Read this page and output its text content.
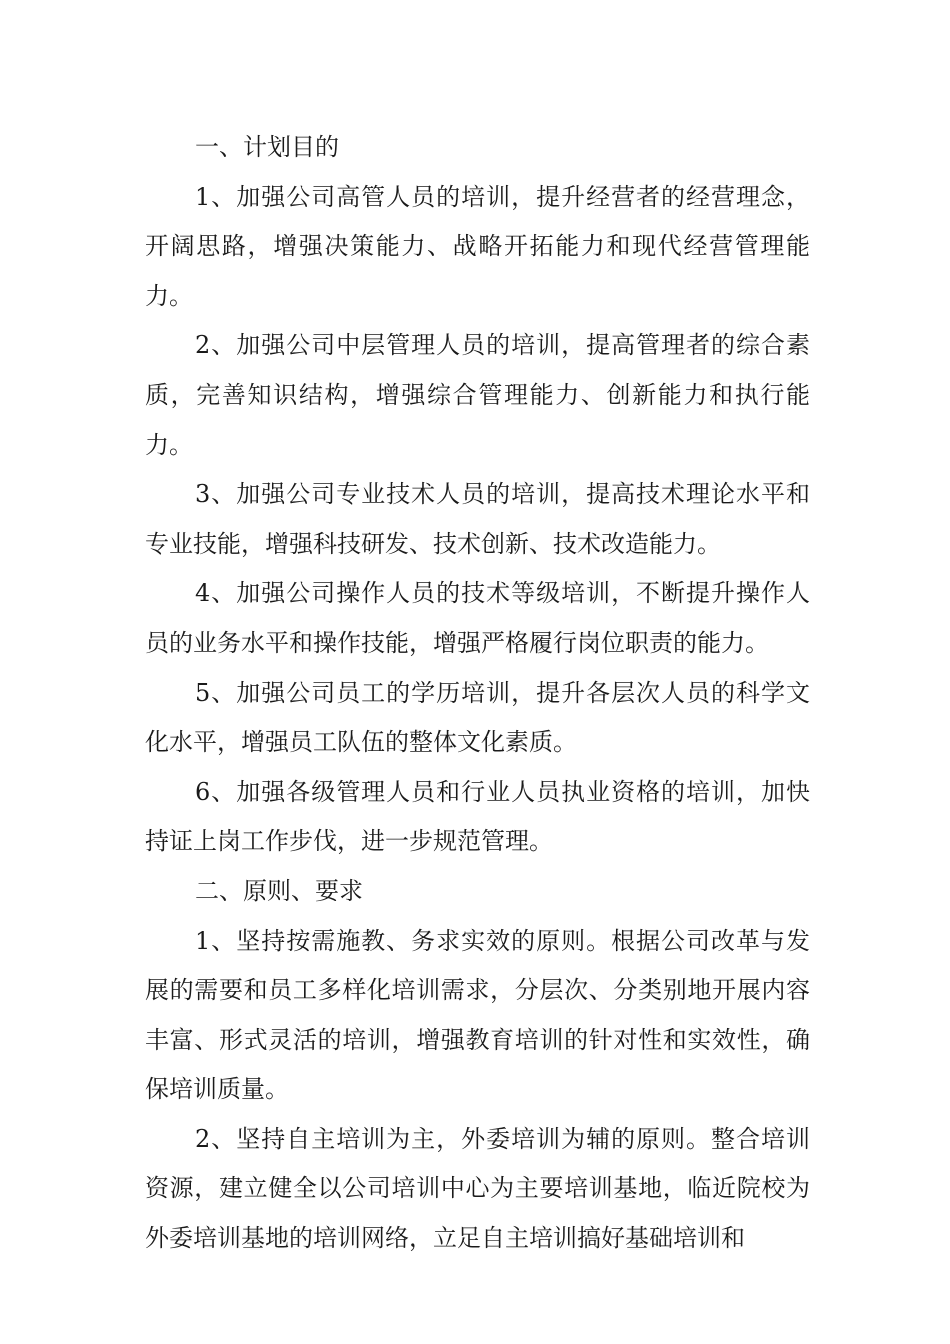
一、计划目的

1、加强公司高管人员的培训，提升经营者的经营理念，开阔思路，增强决策能力、战略开拓能力和现代经营管理能力。

2、加强公司中层管理人员的培训，提高管理者的综合素质，完善知识结构，增强综合管理能力、创新能力和执行能力。

3、加强公司专业技术人员的培训，提高技术理论水平和专业技能，增强科技研发、技术创新、技术改造能力。

4、加强公司操作人员的技术等级培训，不断提升操作人员的业务水平和操作技能，增强严格履行岗位职责的能力。

5、加强公司员工的学历培训，提升各层次人员的科学文化水平，增强员工队伍的整体文化素质。

6、加强各级管理人员和行业人员执业资格的培训，加快持证上岗工作步伐，进一步规范管理。

二、原则、要求

1、坚持按需施教、务求实效的原则。根据公司改革与发展的需要和员工多样化培训需求，分层次、分类别地开展内容丰富、形式灵活的培训，增强教育培训的针对性和实效性，确保培训质量。

2、坚持自主培训为主，外委培训为辅的原则。整合培训资源，建立健全以公司培训中心为主要培训基地，临近院校为外委培训基地的培训网络，立足自主培训搞好基础培训和
